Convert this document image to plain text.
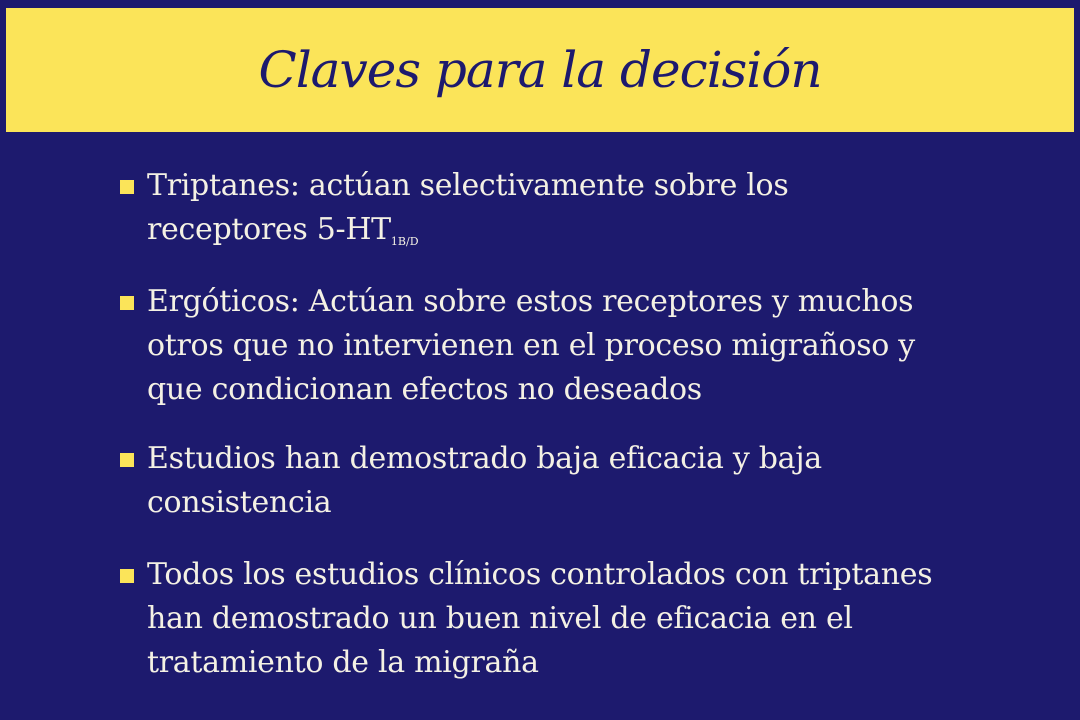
Claves para la decisión
Triptanes: actúan selectivamente sobre los
receptores $5-HT_{1B/D}$
Ergóticos: Actúan sobre estos receptores y muchos
otros que no intervienen en el proceso migrañoso y
que condicionan efectos no deseados
Estudios han demostrado baja eficacia y baja
consistencia
Todos los estudios clínicos controlados con triptanes
han demostrado un buen nivel de eficacia en el
tratamiento de la migraña
